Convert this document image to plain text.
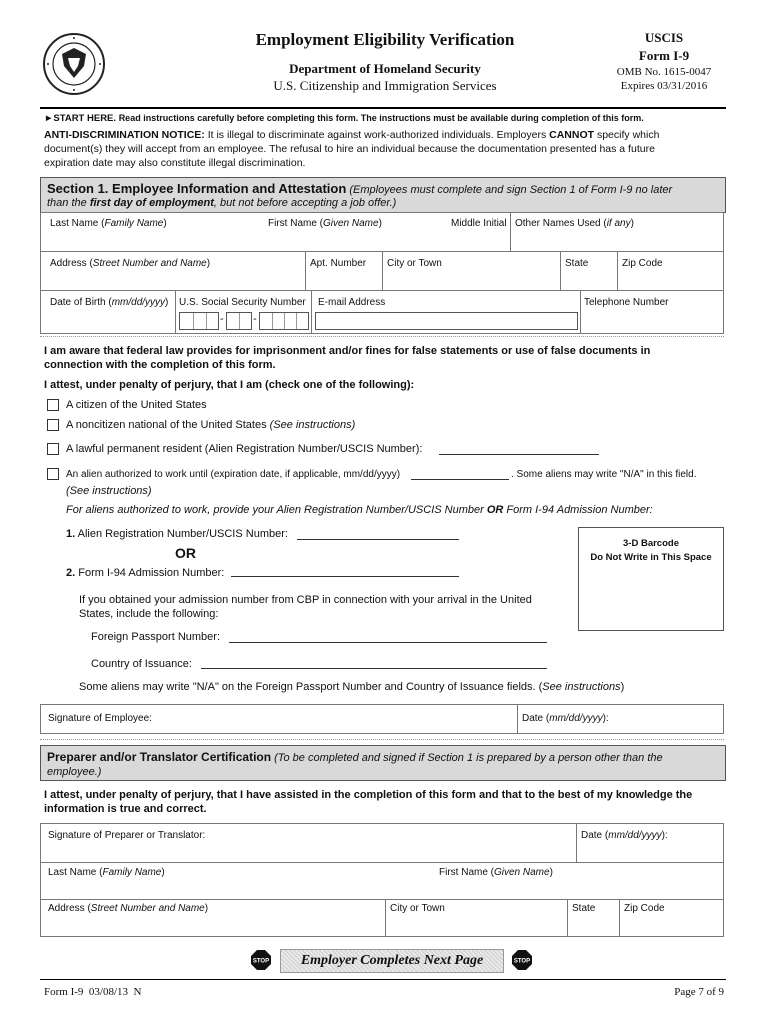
Employment Eligibility Verification
Department of Homeland Security
U.S. Citizenship and Immigration Services
USCIS
Form I-9
OMB No. 1615-0047
Expires 03/31/2016
►START HERE. Read instructions carefully before completing this form. The instructions must be available during completion of this form.
ANTI-DISCRIMINATION NOTICE: It is illegal to discriminate against work-authorized individuals. Employers CANNOT specify which
document(s) they will accept from an employee. The refusal to hire an individual because the documentation presented has a future
expiration date may also constitute illegal discrimination.
Section 1. Employee Information and Attestation (Employees must complete and sign Section 1 of Form I-9 no later
than the first day of employment, but not before accepting a job offer.)
Last Name (Family Name)	First Name (Given Name)	Middle Initial Other Names Used (if any)
Address (Street Number and Name)	Apt. Number City or Town	State	Zip Code
Date of Birth (mm/dd/yyyy) U.S. Social Security Number E-mail Address	Telephone Number
-	-
I am aware that federal law provides for imprisonment and/or fines for false statements or use of false documents in
connection with the completion of this form.
I attest, under penalty of perjury, that I am (check one of the following):
A citizen of the United States
A noncitizen national of the United States (See instructions)
A lawful permanent resident (Alien Registration Number/USCIS Number):
An alien authorized to work until (expiration date, if applicable, mm/dd/yyyy)	. Some aliens may write "N/A" in this field.
(See instructions)
For aliens authorized to work, provide your Alien Registration Number/USCIS Number OR Form I-94 Admission Number:
1. Alien Registration Number/USCIS Number:
OR
2. Form I-94 Admission Number:
3-D Barcode
Do Not Write in This Space
If you obtained your admission number from CBP in connection with your arrival in the United
States, include the following:
Foreign Passport Number:
Country of Issuance:
Some aliens may write "N/A" on the Foreign Passport Number and Country of Issuance fields. (See instructions)
Signature of Employee:	Date (mm/dd/yyyy):
Preparer and/or Translator Certification (To be completed and signed if Section 1 is prepared by a person other than the
employee.)
I attest, under penalty of perjury, that I have assisted in the completion of this form and that to the best of my knowledge the
information is true and correct.
Signature of Preparer or Translator:	Date (mm/dd/yyyy):
Last Name (Family Name)	First Name (Given Name)
Address (Street Number and Name)	City or Town	State	Zip Code
STOP	Employer Completes Next Page	STOP
Form I-9  03/08/13  N	Page 7 of 9
